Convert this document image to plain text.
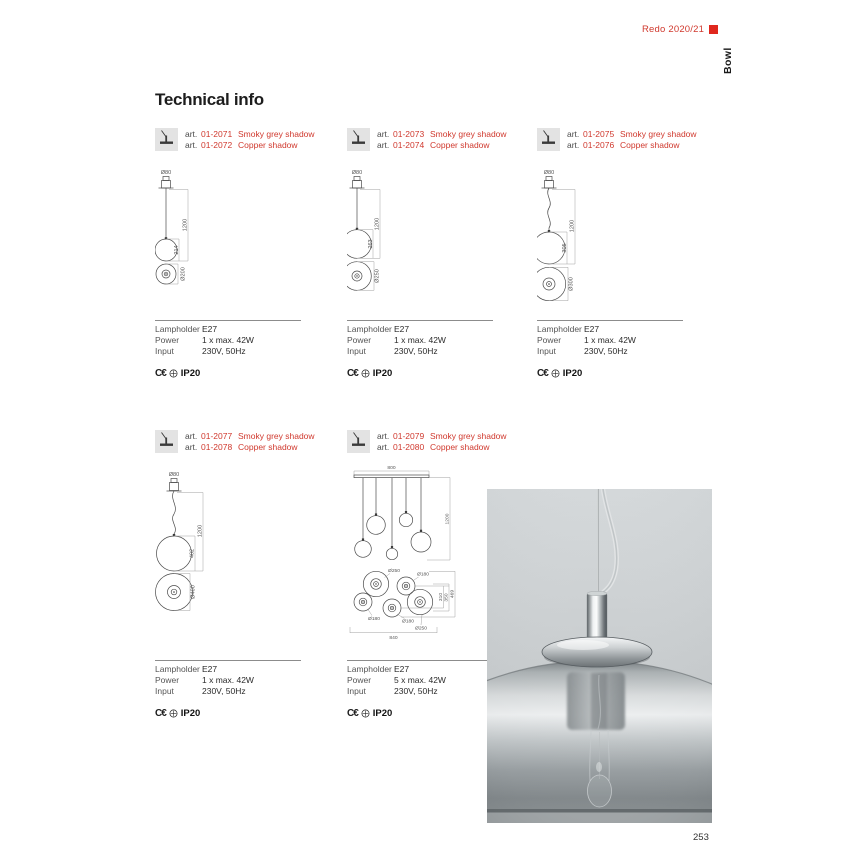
Redo 2020/21
Bowl
Technical info
art. 01-2071 Smoky grey shadow
art. 01-2072 Copper shadow
Ø80
1200
214
Ø200
Lampholder E27
Power	1 x max. 42W
Input	230V, 50Hz
C€ IP20
art. 01-2073 Smoky grey shadow
art. 01-2074 Copper shadow
Ø80
1200
263
Ø250
Lampholder E27
Power	1 x max. 42W
Input	230V, 50Hz
C€ IP20
art. 01-2075 Smoky grey shadow
art. 01-2076 Copper shadow
Ø80
1200
305
Ø300
Lampholder E27
Power	1 x max. 42W
Input	230V, 50Hz
C€ IP20
art. 01-2077 Smoky grey shadow
art. 01-2078 Copper shadow
Ø80
1200
402
Ø400
Lampholder E27
Power	1 x max. 42W
Input	230V, 50Hz
C€ IP20
art. 01-2079 Smoky grey shadow
art. 01-2080 Copper shadow
800
1200
Ø250
Ø180
Ø180	Ø180
Ø250
310 350 469
840
Lampholder E27
Power	5 x max. 42W
Input	230V, 50Hz
C€ IP20
253
